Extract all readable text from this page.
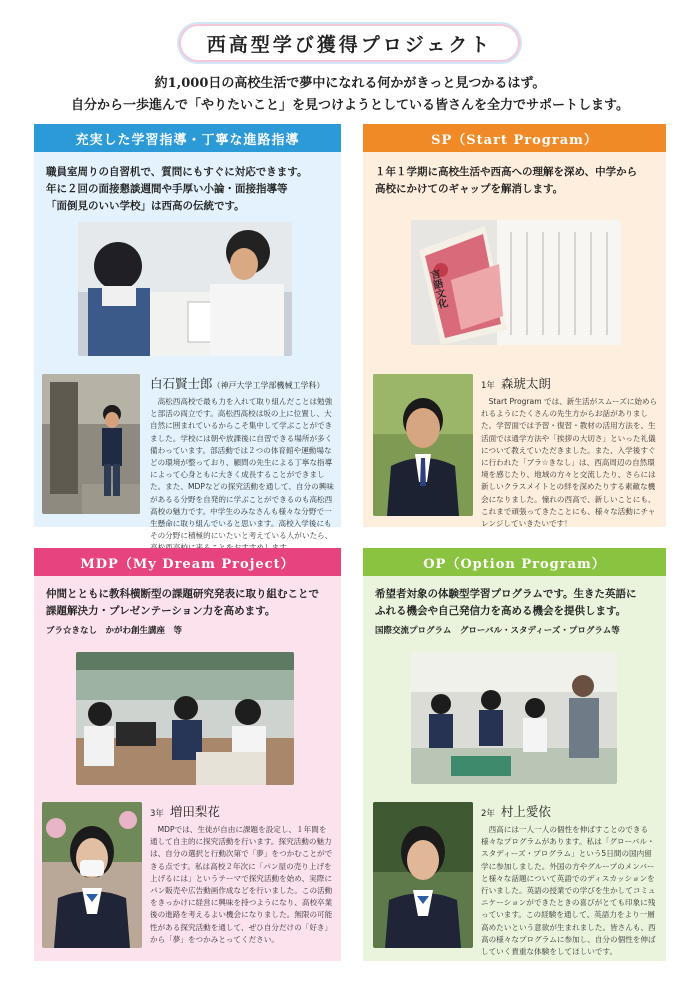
西高型学び獲得プロジェクト
約1,000日の高校生活で夢中になれる何かがきっと見つかるはず。
自分から一歩進んで「やりたいこと」を見つけようとしている皆さんを全力でサポートします。
充実した学習指導・丁寧な進路指導
職員室周りの自習机で、質問にもすぐに対応できます。
年に２回の面接懇談週間や手厚い小論・面接指導等
「面倒見のいい学校」は西高の伝統です。
白石賢士郎（神戸大学工学部機械工学科）
高松西高校で最も力を入れて取り組んだことは勉強と部活の両立です。高松西高校は坂の上に位置し、大自然に囲まれているからこそ集中して学ぶことができました。学校には朝や放課後に自習できる場所が多く備わっています。部活動では２つの体育館や運動場などの環境が整っており、顧問の先生による丁寧な指導によって心身ともに大きく成長することができました。また、MDPなどの探究活動を通して、自分の興味があるる分野を自発的に学ぶことができるのも高松西高校の魅力です。中学生のみなさんも様々な分野で一生懸命に取り組んでいると思います。高校入学後にもその分野に積極的にいたいと考えている人がいたら、
SP（Start Program）
１年１学期に高校生活や西高への理解を深め、中学から
高校にかけてのギャップを解消します。
言語文化
1年 森琥太朗
Start Program では、新生活がスムーズに始められるようにたくさんの先生方からお話がありました。学習面では予習・復習・教材の活用方法を、生活面では通学方法や「挨拶の大切さ」といった礼儀について教えていただきました。また、入学後すぐに行われた「ブラ☆きなし」は、西高周辺の自然環境を感じたり、地域の方々と交流したり、さらには新しいクラスメイトとの絆を深めたりする素敵な機会になりました。憧れの西高で、新しいことにも、これまで頑張ってきたことにも、様々な活動にチャレンジしていきたいです！
MDP（My Dream Project）
仲間とともに教科横断型の課題研究発表に取り組むことで
課題解決力・プレゼンテーション力を高めます。
ブラ☆きなし　かがわ創生講座　等
3年 増田梨花
MDPでは、生徒が自由に課題を設定し、１年間を通して自主的に探究活動を行います。探究活動の魅力は、自分の選択と行動次第で「夢」をつかむことができる点です。私は高校２年次に「パン屋の売り上げを上げるには」というテーマで探究活動を始め、実際にパン販売や広告動画作成などを行いました。この活動をきっかけに経営に興味を持つようになり、高校卒業後の進路を考えるよい機会になりました。無限の可能性がある探究活動を通して、ぜひ自分だけの「好き」から「夢」をつかみとってください。
OP（Option Program）
希望者対象の体験型学習プログラムです。生きた英語に
ふれる機会や自己発信力を高める機会を提供します。
国際交流プログラム　グローバル・スタディーズ・プログラム等
2年 村上愛依
西高には一人一人の個性を伸ばすことのできる様々なプログラムがあります。私は「グローバル・スタディーズ・プログラム」という5日間の国内留学に参加しました。外国の方やグループのメンバーと様々な話題について英語でのディスカッションを行いました。英語の授業での学びを生かしてコミュニケーションができたときの喜びがとても印象に残っています。この経験を通して、英語力をより一層高めたいという意欲が生まれました。皆さんも、西高の様々なプログラムに参加し、自分の個性を伸ばしていく貴重な体験をしてほしいです。
